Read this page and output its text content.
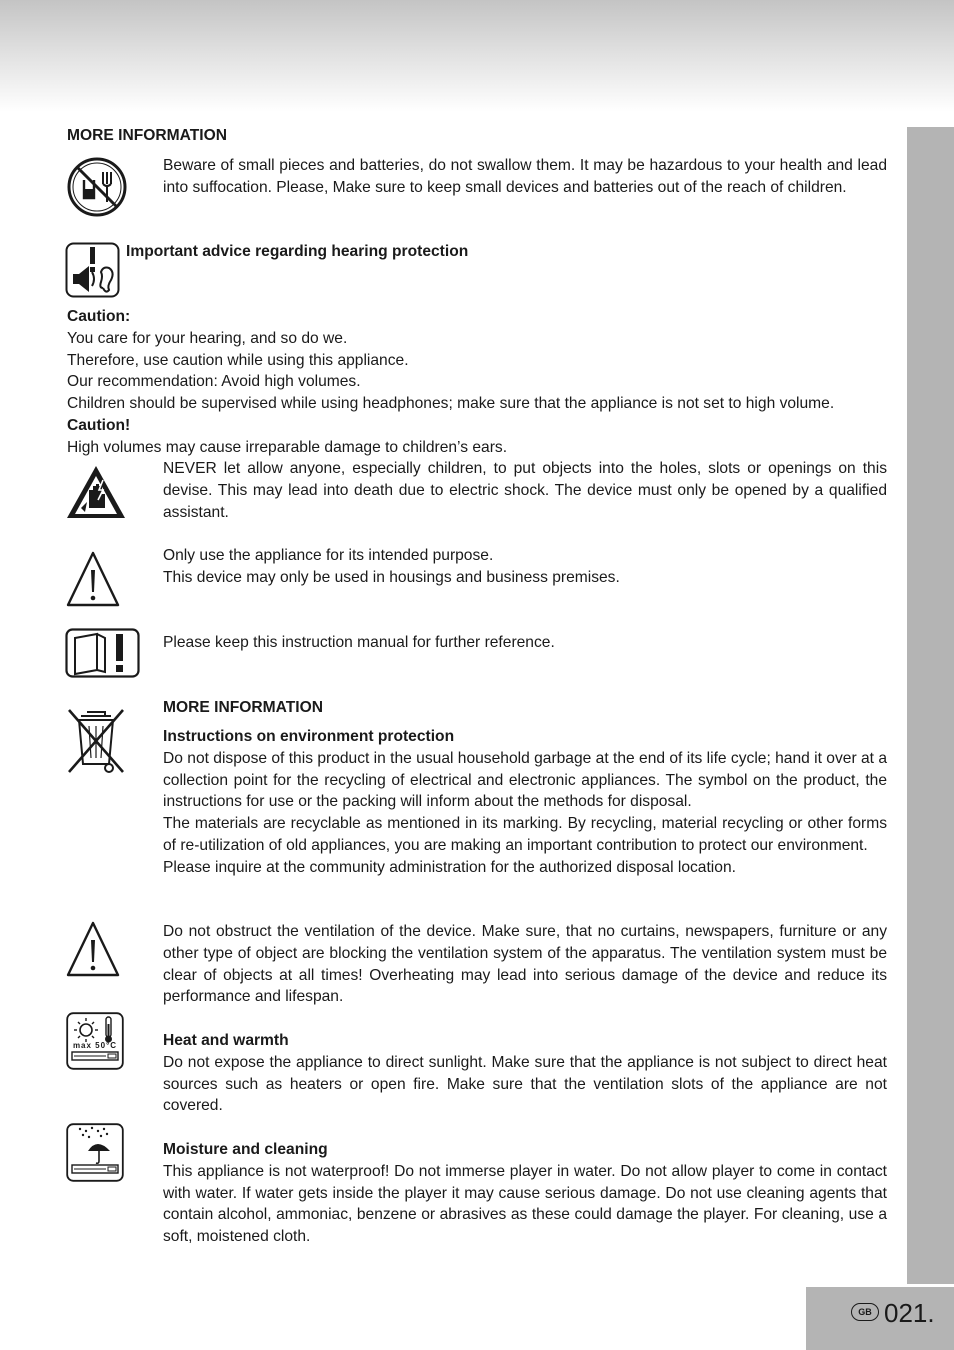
GB 021.
MORE INFORMATION
Beware of small pieces and batteries, do not swallow them. It may be hazardous to your health and lead into suffocation. Please, Make sure to keep small devices and batteries out of the reach of children.
Important advice regarding hearing protection

Caution:

You care for your hearing, and so do we.

Therefore, use caution while using this appliance.

Our recommendation: Avoid high volumes.

Children should be supervised while using headphones; make sure that the appliance is not set to high volume.

Caution!

High volumes may cause irreparable damage to children’s ears.

NEVER let allow anyone, especially children, to put objects into the holes, slots or openings on this devise. This may lead into death due to electric shock. The device must only be opened by a qualified assistant.

Only use the appliance for its intended purpose.

This device may only be used in housings and business premises.

Please keep this instruction manual for further reference.
MORE INFORMATION

Instructions on environment protection

Do not dispose of this product in the usual household garbage at the end of its life cycle; hand it over at a collection point for the recycling of electrical and electronic appliances. The symbol on the product, the instructions for use or the packing will inform about the methods for disposal.

The materials are recyclable as mentioned in its marking. By recycling, material recycling or other forms of re-utilization of old appliances, you are making an important contribution to protect our environment.

Please inquire at the community administration for the authorized disposal location.

Do not obstruct the ventilation of the device. Make sure, that no curtains, newspapers, furniture or any other type of object are blocking the ventilation system of the apparatus. The ventilation system must be clear of objects at all times! Overheating may lead into serious damage of the device and reduce its performance and lifespan.
max 50°C	Heat and warmth

Do not expose the appliance to direct sunlight. Make sure that the appliance is not subject to direct heat sources such as heaters or open fire. Make sure that the ventilation slots of the appliance are not covered.

Moisture and cleaning

This appliance is not waterproof! Do not immerse player in water. Do not allow player to come in contact with water. If water gets inside the player it may cause serious damage. Do not use cleaning agents that contain alcohol, ammoniac, benzene or abrasives as these could damage the player. For cleaning, use a soft, moistened cloth.
